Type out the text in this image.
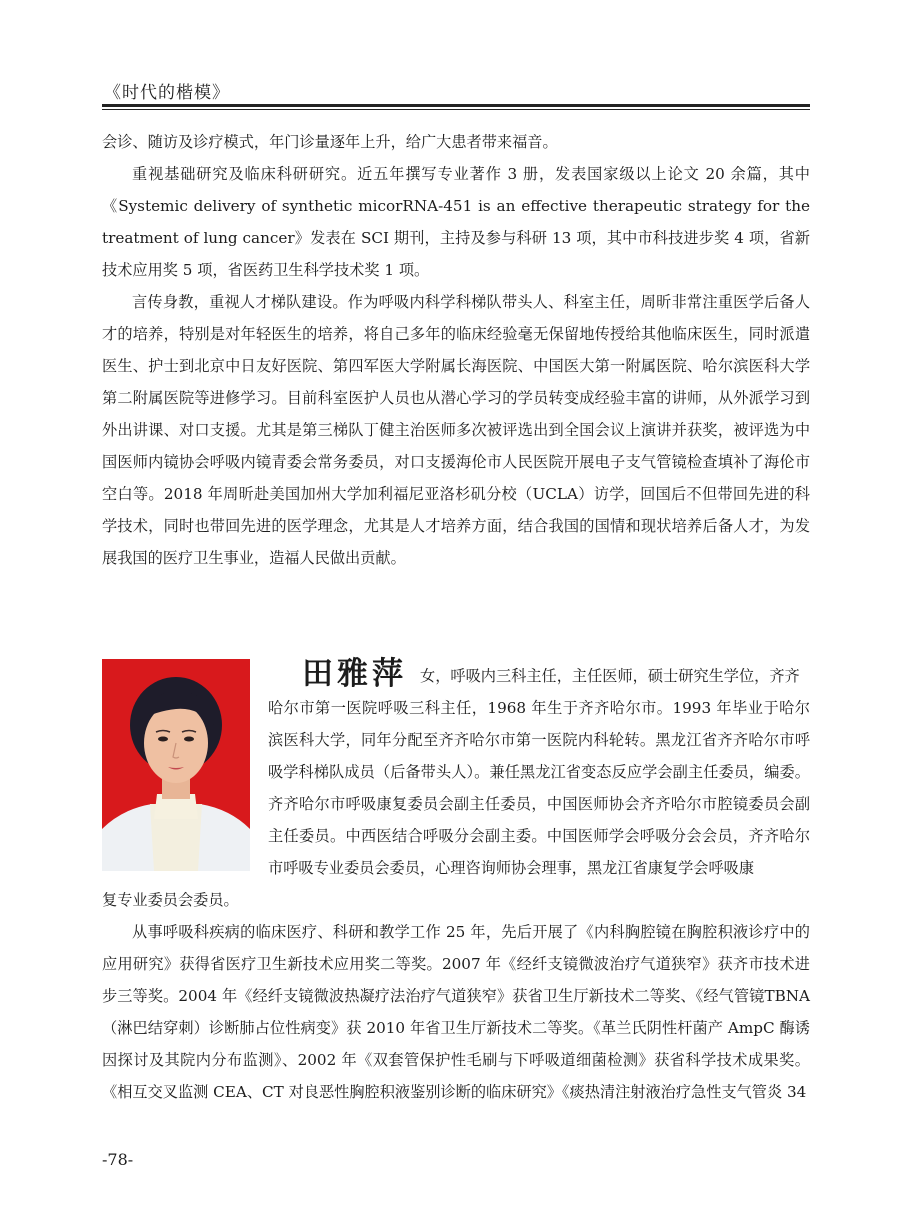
《时代的楷模》

会诊、随访及诊疗模式，年门诊量逐年上升，给广大患者带来福音。

重视基础研究及临床科研研究。近五年撰写专业著作 3 册，发表国家级以上论文 20 余篇，其中《Systemic delivery of synthetic micorRNA-451 is an effective therapeutic strategy for the treatment of lung cancer》发表在 SCI 期刊，主持及参与科研 13 项，其中市科技进步奖 4 项，省新技术应用奖 5 项，省医药卫生科学技术奖 1 项。

言传身教，重视人才梯队建设。作为呼吸内科学科梯队带头人、科室主任，周昕非常注重医学后备人才的培养，特别是对年轻医生的培养，将自己多年的临床经验毫无保留地传授给其他临床医生，同时派遣医生、护士到北京中日友好医院、第四军医大学附属长海医院、中国医大第一附属医院、哈尔滨医科大学第二附属医院等进修学习。目前科室医护人员也从潜心学习的学员转变成经验丰富的讲师，从外派学习到外出讲课、对口支援。尤其是第三梯队丁健主治医师多次被评选出到全国会议上演讲并获奖，被评选为中国医师内镜协会呼吸内镜青委会常务委员，对口支援海伦市人民医院开展电子支气管镜检查填补了海伦市空白等。2018 年周昕赴美国加州大学加利福尼亚洛杉矶分校（UCLA）访学，回国后不但带回先进的科学技术，同时也带回先进的医学理念，尤其是人才培养方面，结合我国的国情和现状培养后备人才，为发展我国的医疗卫生事业，造福人民做出贡献。

田雅萍 女，呼吸内三科主任，主任医师，硕士研究生学位，齐齐

哈尔市第一医院呼吸三科主任，1968 年生于齐齐哈尔市。1993 年毕业于哈尔滨医科大学，同年分配至齐齐哈尔市第一医院内科轮转。黑龙江省齐齐哈尔市呼吸学科梯队成员（后备带头人）。兼任黑龙江省变态反应学会副主任委员，编委。齐齐哈尔市呼吸康复委员会副主任委员，中国医师协会齐齐哈尔市腔镜委员会副主任委员。中西医结合呼吸分会副主委。中国医师学会呼吸分会会员，齐齐哈尔市呼吸专业委员会委员，心理咨询师协会理事，黑龙江省康复学会呼吸康

复专业委员会委员。

从事呼吸科疾病的临床医疗、科研和教学工作 25 年，先后开展了《内科胸腔镜在胸腔积液诊疗中的应用研究》获得省医疗卫生新技术应用奖二等奖。2007 年《经纤支镜微波治疗气道狭窄》获齐市技术进步三等奖。2004 年《经纤支镜微波热凝疗法治疗气道狭窄》获省卫生厅新技术二等奖、《经气管镜TBNA（淋巴结穿刺）诊断肺占位性病变》获 2010 年省卫生厅新技术二等奖。《革兰氏阴性杆菌产 AmpC 酶诱因探讨及其院内分布监测》、2002 年《双套管保护性毛刷与下呼吸道细菌检测》获省科学技术成果奖。《相互交叉监测 CEA、CT 对良恶性胸腔积液鉴别诊断的临床研究》《痰热清注射液治疗急性支气管炎 34

-78-
